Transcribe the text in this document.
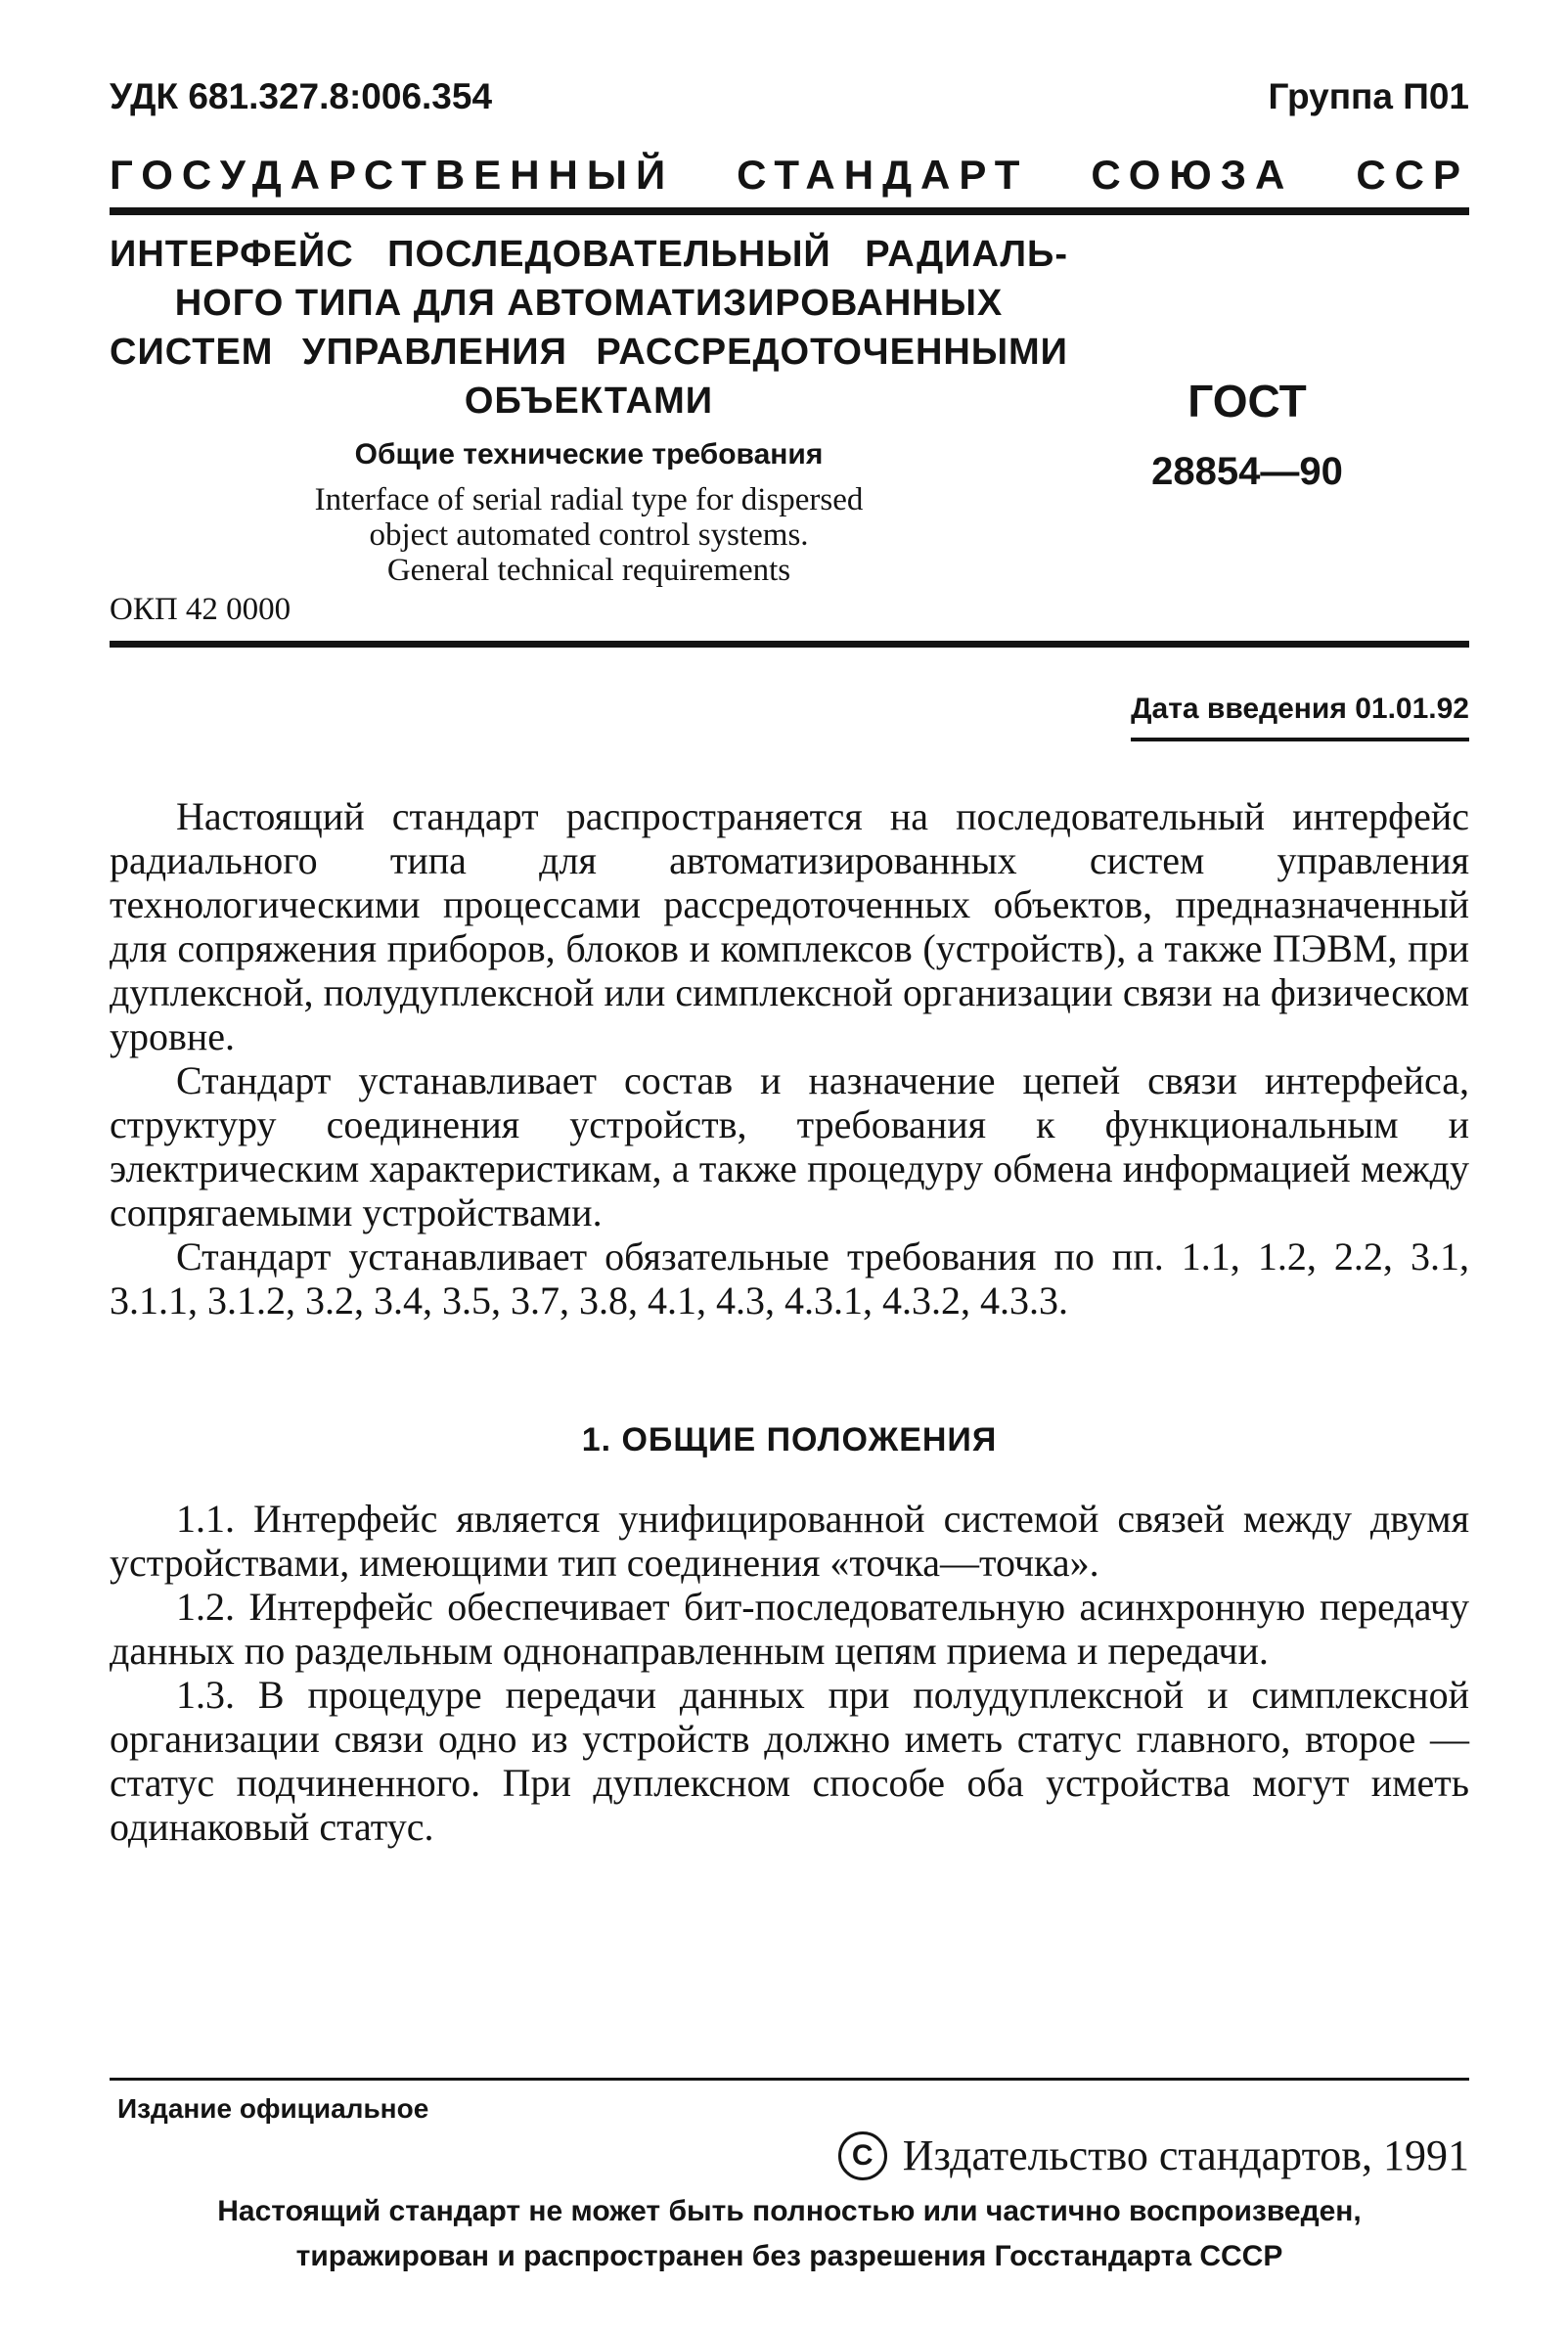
УДК 681.327.8:006.354	Группа П01
ГОСУДАРСТВЕННЫЙ СТАНДАРТ СОЮЗА ССР
ИНТЕРФЕЙС ПОСЛЕДОВАТЕЛЬНЫЙ РАДИАЛЬ-
НОГО ТИПА ДЛЯ АВТОМАТИЗИРОВАННЫХ
СИСТЕМ УПРАВЛЕНИЯ РАССРЕДОТОЧЕННЫМИ
ОБЪЕКТАМИ
Общие технические требования
Interface of serial radial type for dispersed
object automated control systems.
General technical requirements
ОКП 42 0000
ГОСТ
28854—90
Дата введения 01.01.92

Настоящий стандарт распространяется на последовательный интерфейс радиального типа для автоматизированных систем управления технологическими процессами рассредоточенных объектов, предназначенный для сопряжения приборов, блоков и комплексов (устройств), а также ПЭВМ, при дуплексной, полудуплексной или симплексной организации связи на физическом уровне.

Стандарт устанавливает состав и назначение цепей связи интерфейса, структуру соединения устройств, требования к функциональным и электрическим характеристикам, а также процедуру обмена информацией между сопрягаемыми устройствами.

Стандарт устанавливает обязательные требования по пп. 1.1, 1.2, 2.2, 3.1, 3.1.1, 3.1.2, 3.2, 3.4, 3.5, 3.7, 3.8, 4.1, 4.3, 4.3.1, 4.3.2, 4.3.3.

1. ОБЩИЕ ПОЛОЖЕНИЯ

1.1. Интерфейс является унифицированной системой связей между двумя устройствами, имеющими тип соединения «точка—точка».

1.2. Интерфейс обеспечивает бит-последовательную асинхронную передачу данных по раздельным однонаправленным цепям приема и передачи.

1.3. В процедуре передачи данных при полудуплексной и симплексной организации связи одно из устройств должно иметь статус главного, второе — статус подчиненного. При дуплексном способе оба устройства могут иметь одинаковый статус.

Издание официальное
C Издательство стандартов, 1991
Настоящий стандарт не может быть полностью или частично воспроизведен,
тиражирован и распространен без разрешения Госстандарта СССР
